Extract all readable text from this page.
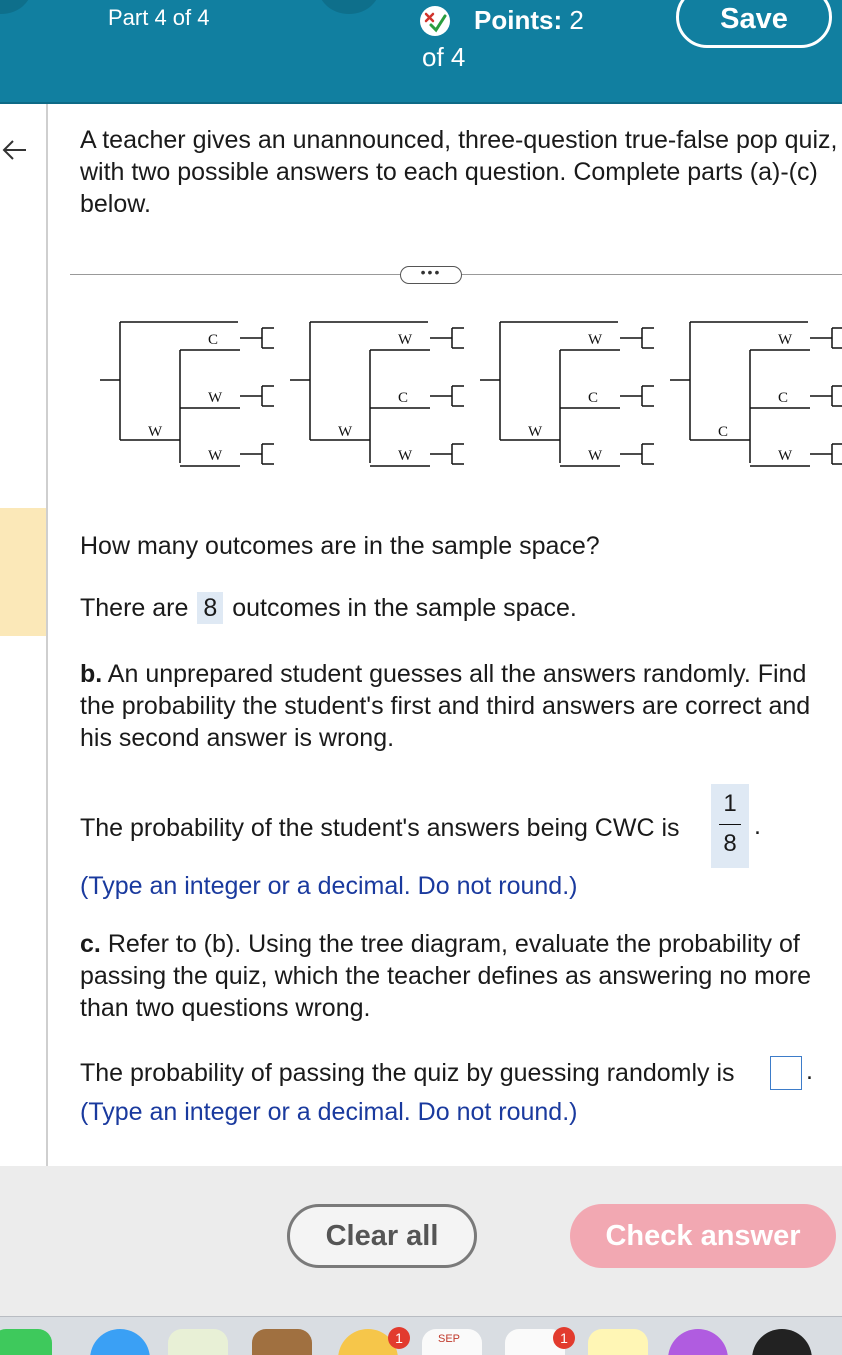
Part 4 of 4	Points: 2
of 4
Save
A teacher gives an unannounced, three-question true-false pop quiz, with two possible answers to each question. Complete parts (a)-(c) below.
•••
W
C
W
W
W
W
C
W
W
W
C
W
C
W
C
W
How many outcomes are in the sample space?
There are 8 outcomes in the sample space.
b. An unprepared student guesses all the answers randomly. Find the probability the student's first and third answers are correct and his second answer is wrong.
The probability of the student's answers being CWC is
1
8
.
(Type an integer or a decimal. Do not round.)
c. Refer to (b). Using the tree diagram, evaluate the probability of passing the quiz, which the teacher defines as answering no more than two questions wrong.
The probability of passing the quiz by guessing randomly is	.
(Type an integer or a decimal. Do not round.)
Clear all	Check answer
1	SEP	1
